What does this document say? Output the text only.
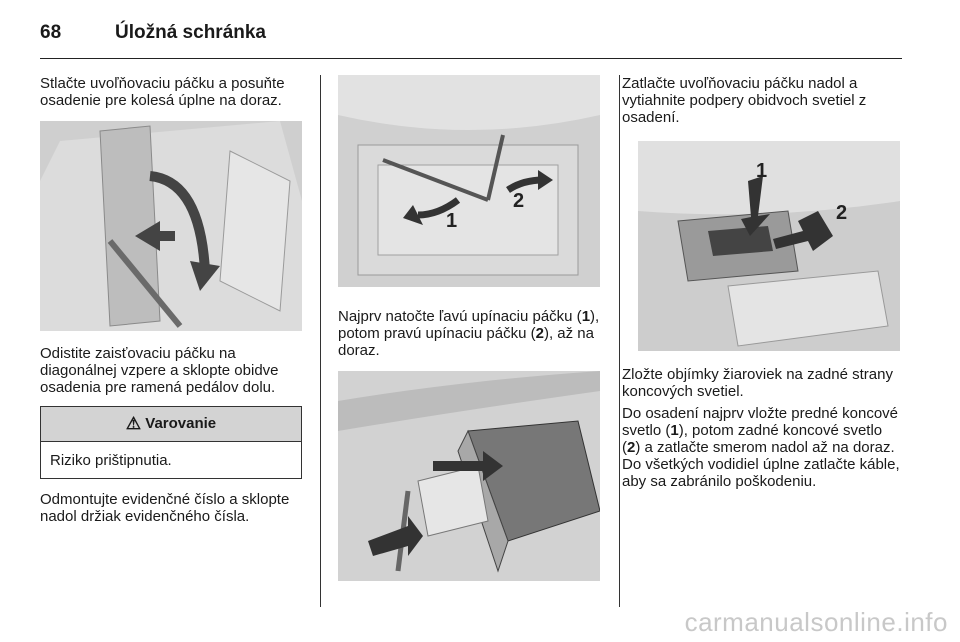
68	Úložná schránka

Stlačte uvoľňovaciu páčku a posuňte osadenie pre kolesá úplne na doraz.

Odistite zaisťovaciu páčku na diagonálnej vzpere a sklopte obidve osadenia pre ramená pedálov dolu.

⚠ Varovanie
Riziko prištipnutia.

Odmontujte evidenčné číslo a sklopte nadol držiak evidenčného čísla.

1
2

Najprv natočte ľavú upínaciu páčku (1), potom pravú upínaciu páčku (2), až na doraz.

Zatlačte uvoľňovaciu páčku nadol a vytiahnite podpery obidvoch svetiel z osadení.

1
2

Zložte objímky žiaroviek na zadné strany koncových svetiel.

Do osadení najprv vložte predné koncové svetlo (1), potom zadné koncové svetlo (2) a zatlačte smerom nadol až na doraz. Do všetkých vodidiel úplne zatlačte káble, aby sa zabránilo poškodeniu.

carmanualsonline.info
